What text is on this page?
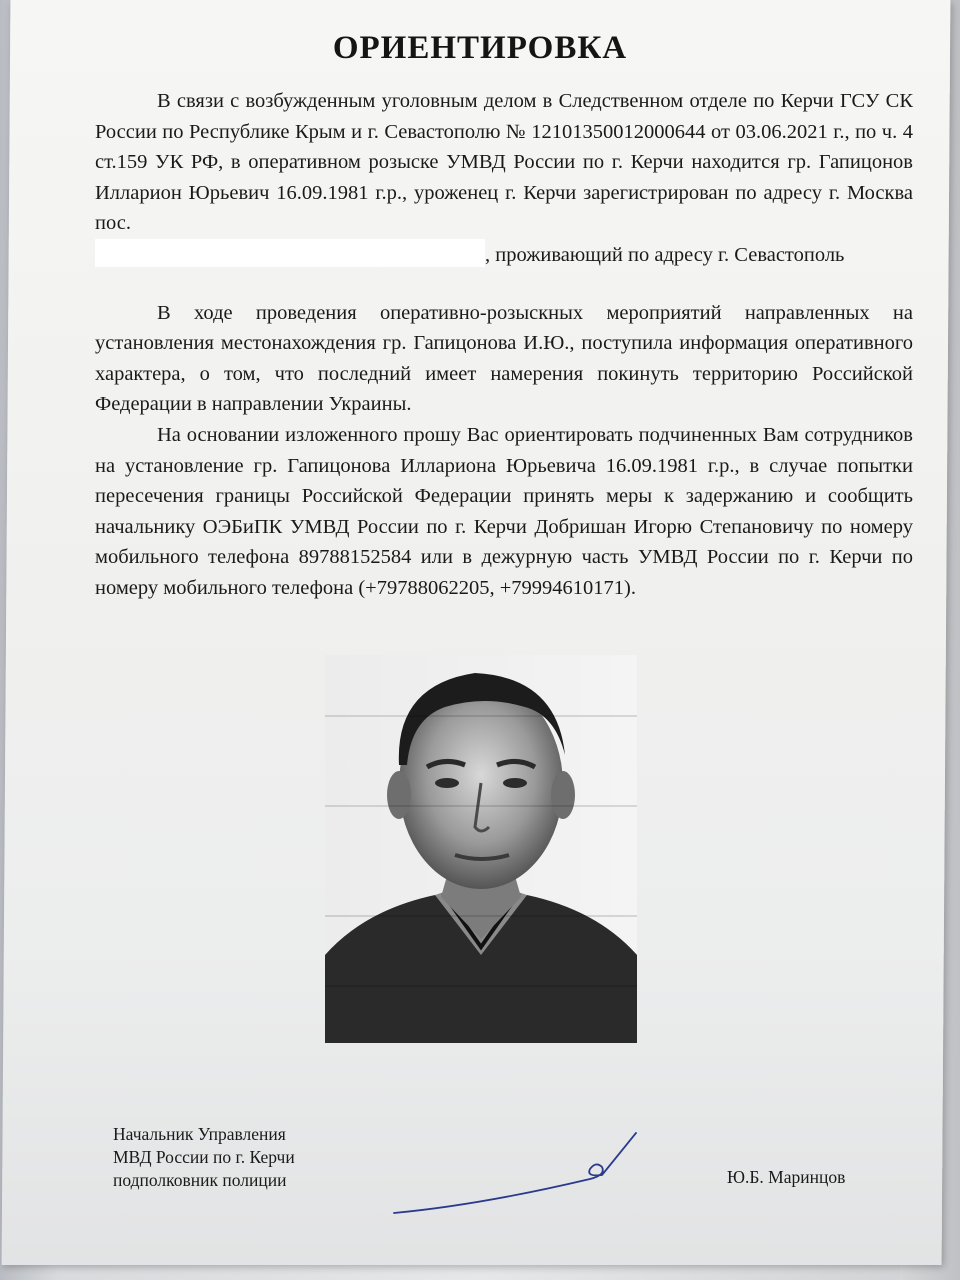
ОРИЕНТИРОВКА

В связи с возбужденным уголовным делом в Следственном отделе по Керчи ГСУ СК России по Республике Крым и г. Севастополю № 12101350012000644 от 03.06.2021 г., по ч. 4 ст.159 УК РФ, в оперативном розыске УМВД России по г. Керчи находится гр. Гапицонов Илларион Юрьевич 16.09.1981 г.р., уроженец г. Керчи зарегистрирован по адресу г. Москва пос.
, проживающий по адресу г. Севастополь

В ходе проведения оперативно-розыскных мероприятий направленных на установления местонахождения гр. Гапицонова И.Ю., поступила информация оперативного характера, о том, что последний имеет намерения покинуть территорию Российской Федерации в направлении Украины.

На основании изложенного прошу Вас ориентировать подчиненных Вам сотрудников на установление гр. Гапицонова Иллариона Юрьевича 16.09.1981 г.р., в случае попытки пересечения границы Российской Федерации принять меры к задержанию и сообщить начальнику ОЭБиПК УМВД России по г. Керчи Добришан Игорю Степановичу по номеру мобильного телефона 89788152584 или в дежурную часть УМВД России по г. Керчи по номеру мобильного телефона (+79788062205, +79994610171).

Начальник Управления
МВД России по г. Керчи
подполковник полиции	Ю.Б. Маринцов
